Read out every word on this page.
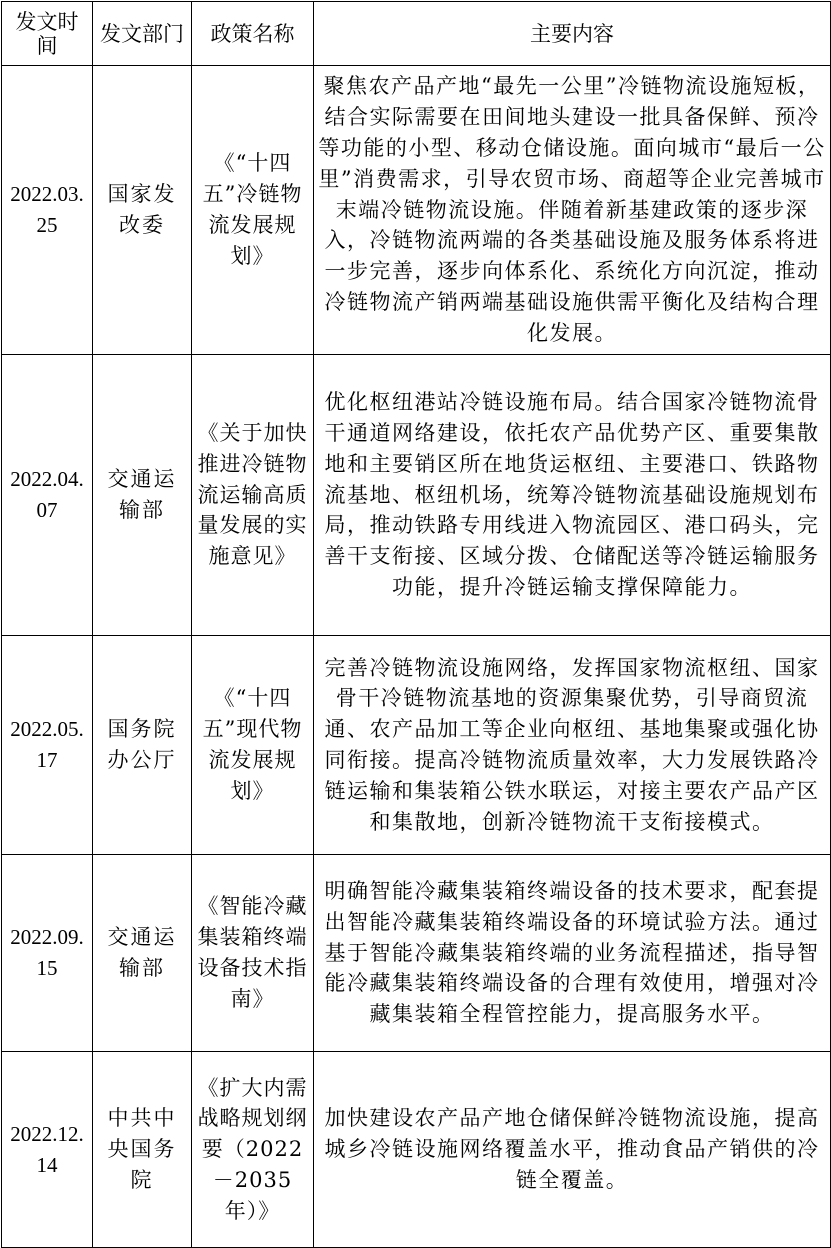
发文时间	发文部门	政策名称	主要内容
2022.03.25	国家发改委	《“十四五”冷链物流发展规划》	聚焦农产品产地“最先一公里”冷链物流设施短板，结合实际需要在田间地头建设一批具备保鲜、预冷等功能的小型、移动仓储设施。面向城市“最后一公里”消费需求，引导农贸市场、商超等企业完善城市末端冷链物流设施。伴随着新基建政策的逐步深入，冷链物流两端的各类基础设施及服务体系将进一步完善，逐步向体系化、系统化方向沉淀，推动冷链物流产销两端基础设施供需平衡化及结构合理化发展。
2022.04.07	交通运输部	《关于加快推进冷链物流运输高质量发展的实施意见》	优化枢纽港站冷链设施布局。结合国家冷链物流骨干通道网络建设，依托农产品优势产区、重要集散地和主要销区所在地货运枢纽、主要港口、铁路物流基地、枢纽机场，统筹冷链物流基础设施规划布局，推动铁路专用线进入物流园区、港口码头，完善干支衔接、区域分拨、仓储配送等冷链运输服务功能，提升冷链运输支撑保障能力。
2022.05.17	国务院办公厅	《“十四五”现代物流发展规划》	完善冷链物流设施网络，发挥国家物流枢纽、国家骨干冷链物流基地的资源集聚优势，引导商贸流通、农产品加工等企业向枢纽、基地集聚或强化协同衔接。提高冷链物流质量效率，大力发展铁路冷链运输和集装箱公铁水联运，对接主要农产品产区和集散地，创新冷链物流干支衔接模式。
2022.09.15	交通运输部	《智能冷藏集装箱终端设备技术指南》	明确智能冷藏集装箱终端设备的技术要求，配套提出智能冷藏集装箱终端设备的环境试验方法。通过基于智能冷藏集装箱终端的业务流程描述，指导智能冷藏集装箱终端设备的合理有效使用，增强对冷藏集装箱全程管控能力，提高服务水平。
2022.12.14	中共中央国务院	《扩大内需战略规划纲要（2022－2035年）》	加快建设农产品产地仓储保鲜冷链物流设施，提高城乡冷链设施网络覆盖水平，推动食品产销供的冷链全覆盖。
